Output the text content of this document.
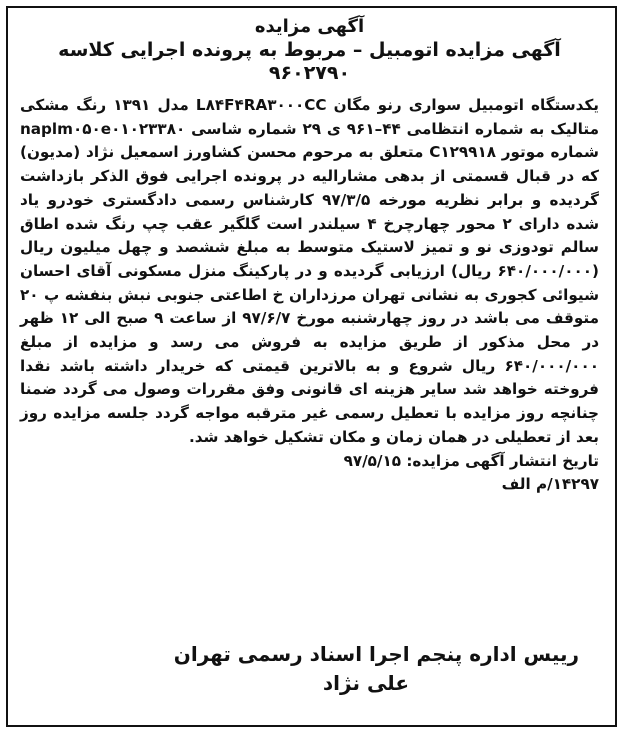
آگهی مزایده
آگهی مزایده اتومبیل – مربوط به پرونده اجرایی کلاسه
۹۶۰۲۷۹۰

یکدستگاه اتومبیل سواری رنو مگان L۸۴F۴RA۳۰۰۰CC مدل ۱۳۹۱ رنگ مشکی متالیک به شماره انتظامی ۴۴–۹۶۱ ی ۲۹ شماره شاسی naplm۰۵۰e۰۱۰۲۳۳۸۰ شماره موتور C۱۲۹۹۱۸ متعلق به مرحوم محسن کشاورز اسمعیل نژاد (مدیون) که در قبال قسمتی از بدهی مشارالیه در پرونده اجرایی فوق الذکر بازداشت گردیده و برابر نظریه مورخه ۹۷/۳/۵ کارشناس رسمی دادگستری خودرو یاد شده دارای ۲ محور چهارچرخ ۴ سیلندر است گلگیر عقب چپ رنگ شده اطاق سالم تودوزی نو و تمیز لاستیک متوسط به مبلغ ششصد و چهل میلیون ریال (۶۴۰/۰۰۰/۰۰۰ ریال) ارزیابی گردیده و در پارکینگ منزل مسکونی آقای احسان شیوائی کجوری به نشانی تهران مرزداران خ اطاعتی جنوبی نبش بنفشه پ ۲۰ متوقف می باشد در روز چهارشنبه مورخ ۹۷/۶/۷ از ساعت ۹ صبح الی ۱۲ ظهر در محل مذکور از طریق مزایده به فروش می رسد و مزایده از مبلغ ۶۴۰/۰۰۰/۰۰۰ ریال شروع و به بالاترین قیمتی که خریدار داشته باشد نقدا فروخته خواهد شد سایر هزینه ای قانونی وفق مقررات وصول می گردد ضمنا چنانچه روز مزایده با تعطیل رسمی غیر مترقبه مواجه گردد جلسه مزایده روز بعد از تعطیلی در همان زمان و مکان تشکیل خواهد شد.

تاریخ انتشار آگهی مزایده: ۹۷/۵/۱۵

۱۴۲۹۷/م الف

رییس اداره پنجم اجرا اسناد رسمی تهران
علی نژاد
